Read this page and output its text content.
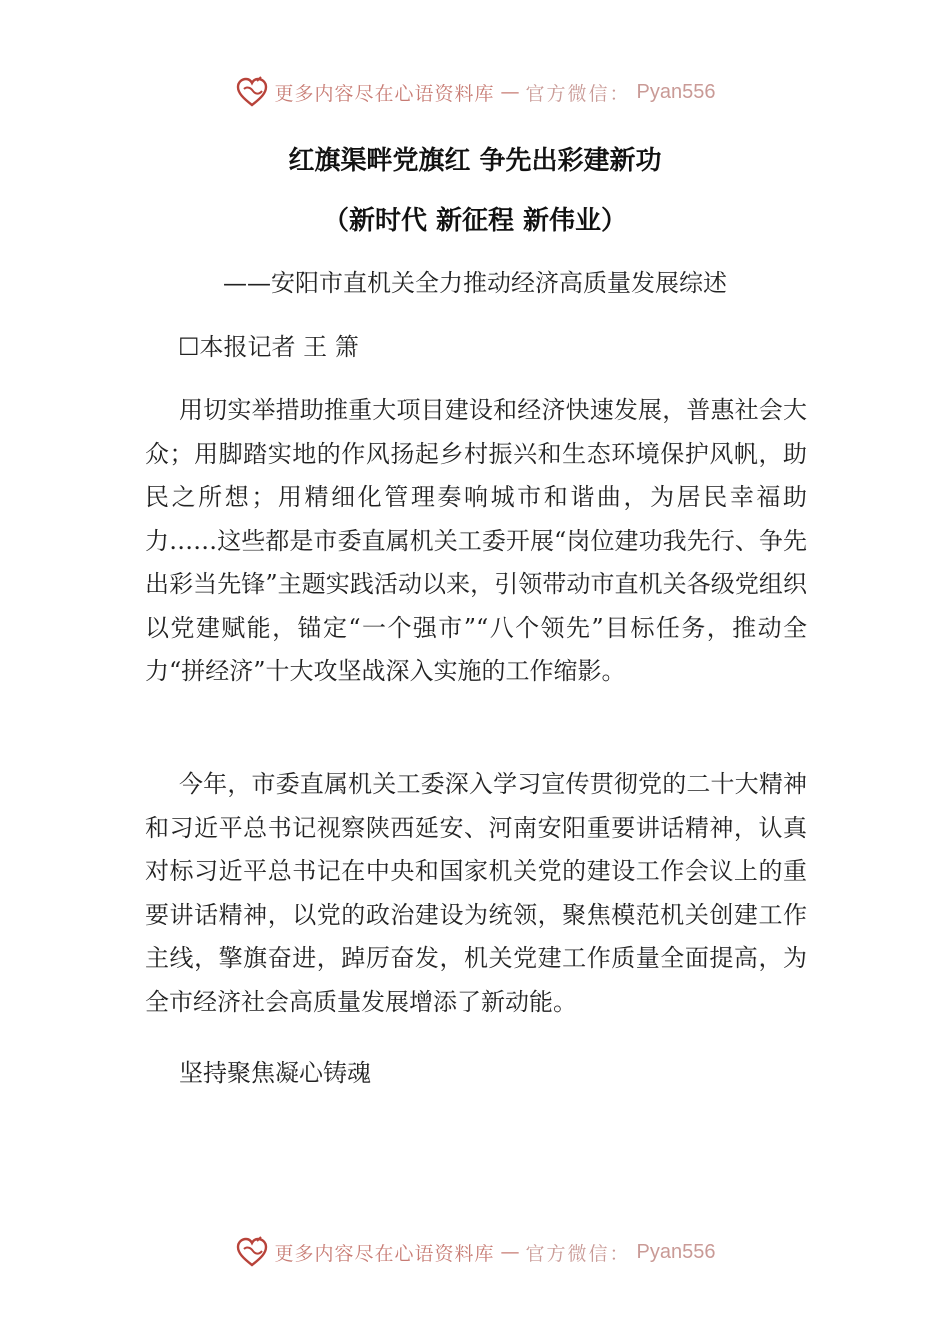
更多内容尽在心语资料库 — 官方微信： Pyan556
红旗渠畔党旗红 争先出彩建新功
（新时代 新征程 新伟业）
——安阳市直机关全力推动经济高质量发展综述
☐本报记者 王 箫

用切实举措助推重大项目建设和经济快速发展，普惠社会大众；用脚踏实地的作风扬起乡村振兴和生态环境保护风帆，助民之所想；用精细化管理奏响城市和谐曲，为居民幸福助力……这些都是市委直属机关工委开展“岗位建功我先行、争先出彩当先锋”主题实践活动以来，引领带动市直机关各级党组织以党建赋能，锚定“一个强市”“八个领先”目标任务，推动全力“拼经济”十大攻坚战深入实施的工作缩影。

今年，市委直属机关工委深入学习宣传贯彻党的二十大精神和习近平总书记视察陕西延安、河南安阳重要讲话精神，认真对标习近平总书记在中央和国家机关党的建设工作会议上的重要讲话精神，以党的政治建设为统领，聚焦模范机关创建工作主线，擎旗奋进，踔厉奋发，机关党建工作质量全面提高，为全市经济社会高质量发展增添了新动能。

坚持聚焦凝心铸魂

更多内容尽在心语资料库 — 官方微信： Pyan556
